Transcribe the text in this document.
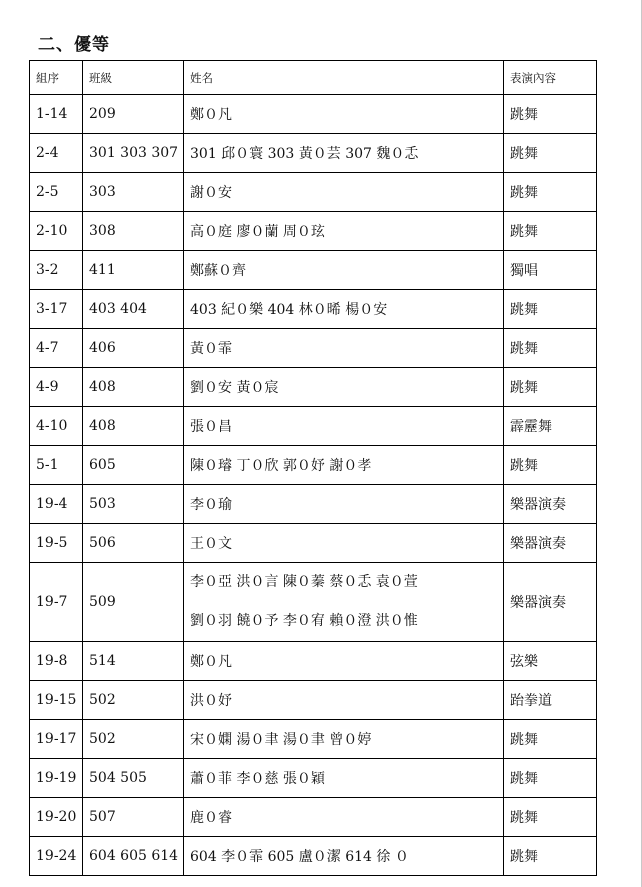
二、優等
組序	班級	姓名	表演內容
1-14	209	鄭０凡	跳舞
2-4	301 303 307	301 邱０寰 303 黃０芸 307 魏０忎	跳舞
2-5	303	謝０安	跳舞
2-10	308	高０庭 廖０蘭 周０玹	跳舞
3-2	411	鄭蘇０齊	獨唱
3-17	403 404	403 紀０樂 404 林０晞 楊０安	跳舞
4-7	406	黃０霏	跳舞
4-9	408	劉０安 黃０宸	跳舞
4-10	408	張０昌	霹靂舞
5-1	605	陳０璿 丁０欣 郭０妤 謝０孝	跳舞
19-4	503	李０瑜	樂器演奏
19-5	506	王０文	樂器演奏
19-7	509	李０亞 洪０言 陳０蓁 蔡０忎 袁０萱
劉０羽 饒０予 李０宥 賴０澄 洪０惟	樂器演奏
19-8	514	鄭０凡	弦樂
19-15	502	洪０妤	跆拳道
19-17	502	宋０嫻 湯０聿 湯０聿 曾０婷	跳舞
19-19	504 505	蕭０菲 李０慈 張０穎	跳舞
19-20	507	鹿０睿	跳舞
19-24	604 605 614	604 李０霏 605 盧０潔 614 徐 ０	跳舞
